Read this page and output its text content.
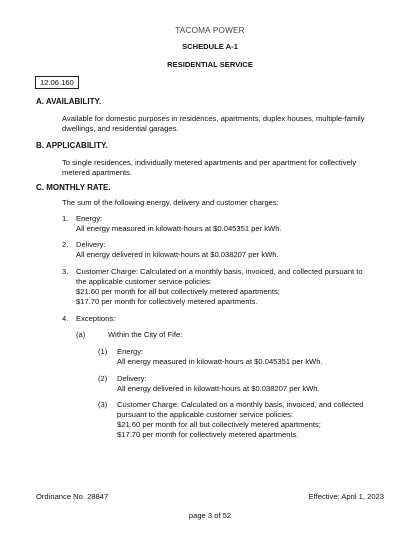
TACOMA POWER
SCHEDULE A-1
RESIDENTIAL SERVICE
12.06.160
A. AVAILABILITY.
Available for domestic purposes in residences, apartments, duplex houses, multiple-family dwellings, and residential garages.
B. APPLICABILITY.
To single residences, individually metered apartments and per apartment for collectively metered apartments.
C. MONTHLY RATE.
The sum of the following energy, delivery and customer charges:
1. Energy:
All energy measured in kilowatt-hours at $0.045351 per kWh.
2. Delivery:
All energy delivered in kilowatt-hours at $0.038207 per kWh.
3. Customer Charge: Calculated on a monthly basis, invoiced, and collected pursuant to
the applicable customer service policies:
$21.60 per month for all but collectively metered apartments;
$17.70 per month for collectively metered apartments.
4. Exceptions:
(a)	Within the City of Fife:
(1) Energy:
All energy measured in kilowatt-hours at $0.045351 per kWh.
(2) Delivery:
All energy delivered in kilowatt-hours at $0.038207 per kWh.
(3) Customer Charge: Calculated on a monthly basis, invoiced, and collected
pursuant to the applicable customer service policies:
$21.60 per month for all but collectively metered apartments;
$17.70 per month for collectively metered apartments.
Ordinance No. 28847	Effective: April 1, 2023
page 3 of 52
